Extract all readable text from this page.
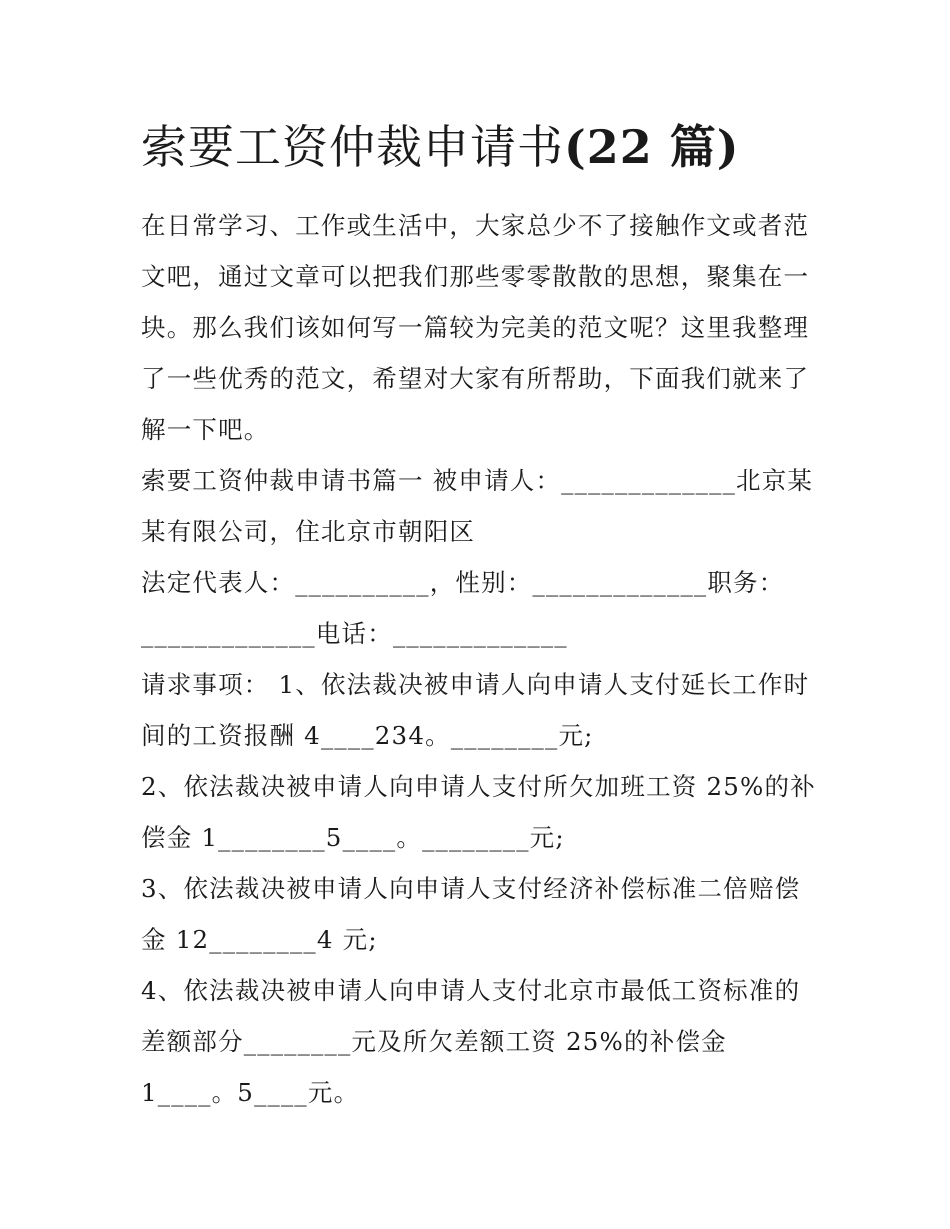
索要工资仲裁申请书(22 篇)

在日常学习、工作或生活中，大家总少不了接触作文或者范文吧，通过文章可以把我们那些零零散散的思想，聚集在一块。那么我们该如何写一篇较为完美的范文呢？这里我整理了一些优秀的范文，希望对大家有所帮助，下面我们就来了解一下吧。

索要工资仲裁申请书篇一 被申请人：_____________北京某某有限公司，住北京市朝阳区

法定代表人：__________，性别：_____________职务：_____________电话：_____________

请求事项： 1、依法裁决被申请人向申请人支付延长工作时间的工资报酬 4____234。________元;

2、依法裁决被申请人向申请人支付所欠加班工资 25%的补偿金 1________5____。________元;

3、依法裁决被申请人向申请人支付经济补偿标准二倍赔偿金 12________4 元;

4、依法裁决被申请人向申请人支付北京市最低工资标准的差额部分________元及所欠差额工资 25%的补偿金 1____。5____元。
